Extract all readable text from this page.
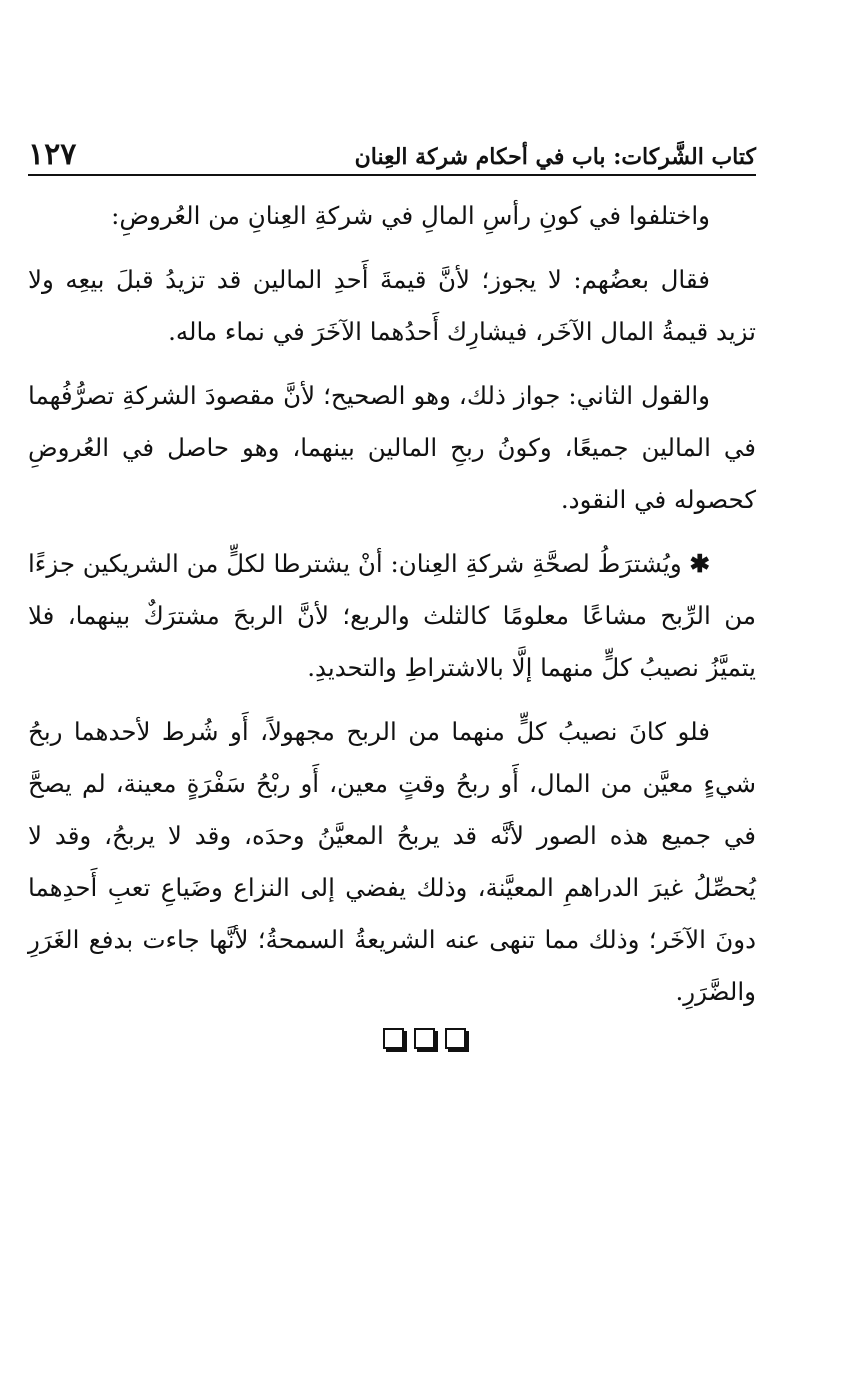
١٢٧	كتاب الشَّركات: باب في أحكام شركة العِنان

واختلفوا في كونِ رأسِ المالِ في شركةِ العِنانِ من العُروضِ:

فقال بعضُهم: لا يجوز؛ لأنَّ قيمةَ أَحدِ المالين قد تزيدُ قبلَ بيعِه ولا تزيد قيمةُ المال الآخَر، فيشارِك أَحدُهما الآخَرَ في نماء ماله.

والقول الثاني: جواز ذلك، وهو الصحيح؛ لأنَّ مقصودَ الشركةِ تصرُّفُهما في المالين جميعًا، وكونُ ربحِ المالين بينهما، وهو حاصل في العُروضِ كحصوله في النقود.

✱ ويُشترَطُ لصحَّةِ شركةِ العِنان: أنْ يشترطا لكلٍّ من الشريكين جزءًا من الرِّبح مشاعًا معلومًا كالثلث والربع؛ لأنَّ الربحَ مشترَكٌ بينهما، فلا يتميَّزُ نصيبُ كلٍّ منهما إلَّا بالاشتراطِ والتحديدِ.

فلو كانَ نصيبُ كلٍّ منهما من الربح مجهولاً، أَو شُرط لأحدهما ربحُ شيءٍ معيَّن من المال، أَو ربحُ وقتٍ معين، أَو ربْحُ سَفْرَةٍ معينة، لم يصحَّ في جميع هذه الصور لأنَّه قد يربحُ المعيَّنُ وحدَه، وقد لا يربحُ، وقد لا يُحصِّلُ غيرَ الدراهمِ المعيَّنة، وذلك يفضي إلى النزاع وضَياعِ تعبِ أَحدِهما دونَ الآخَر؛ وذلك مما تنهى عنه الشريعةُ السمحةُ؛ لأنَّها جاءت بدفع الغَرَرِ والضَّرَرِ.
